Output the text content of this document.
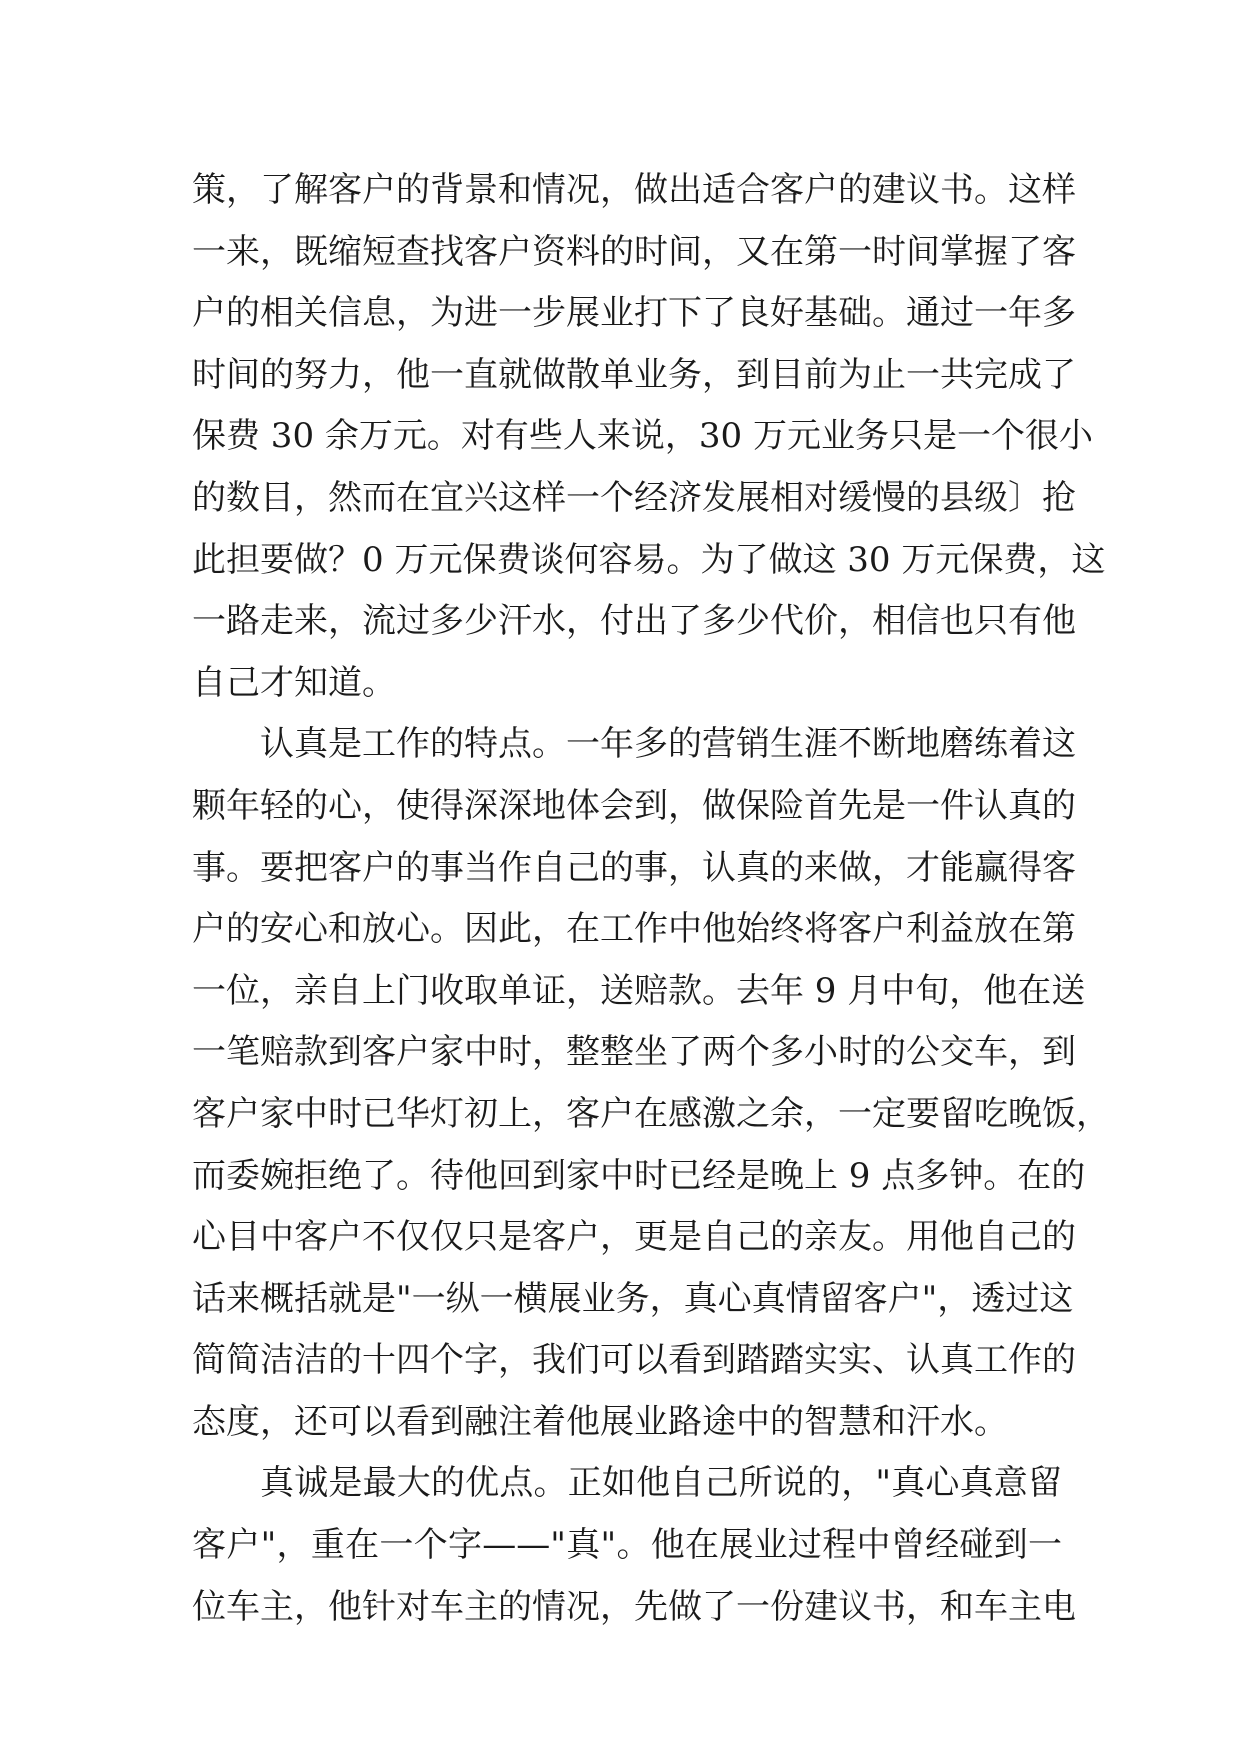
策，了解客户的背景和情况，做出适合客户的建议书。这样
一来，既缩短查找客户资料的时间，又在第一时间掌握了客
户的相关信息，为进一步展业打下了良好基础。通过一年多
时间的努力，他一直就做散单业务，到目前为止一共完成了
保费 30 余万元。对有些人来说，30 万元业务只是一个很小
的数目，然而在宜兴这样一个经济发展相对缓慢的县级〕抢
此担要做？0 万元保费谈何容易。为了做这 30 万元保费，这
一路走来，流过多少汗水，付出了多少代价，相信也只有他
自己才知道。
认真是工作的特点。一年多的营销生涯不断地磨练着这
颗年轻的心，使得深深地体会到，做保险首先是一件认真的
事。要把客户的事当作自己的事，认真的来做，才能赢得客
户的安心和放心。因此，在工作中他始终将客户利益放在第
一位，亲自上门收取单证，送赔款。去年 9 月中旬，他在送
一笔赔款到客户家中时，整整坐了两个多小时的公交车，到
客户家中时已华灯初上，客户在感激之余，一定要留吃晚饭，
而委婉拒绝了。待他回到家中时已经是晚上 9 点多钟。在的
心目中客户不仅仅只是客户，更是自己的亲友。用他自己的
话来概括就是"一纵一横展业务，真心真情留客户"，透过这
简简洁洁的十四个字，我们可以看到踏踏实实、认真工作的
态度，还可以看到融注着他展业路途中的智慧和汗水。
真诚是最大的优点。正如他自己所说的，"真心真意留
客户"，重在一个字——"真"。他在展业过程中曾经碰到一
位车主，他针对车主的情况，先做了一份建议书，和车主电
